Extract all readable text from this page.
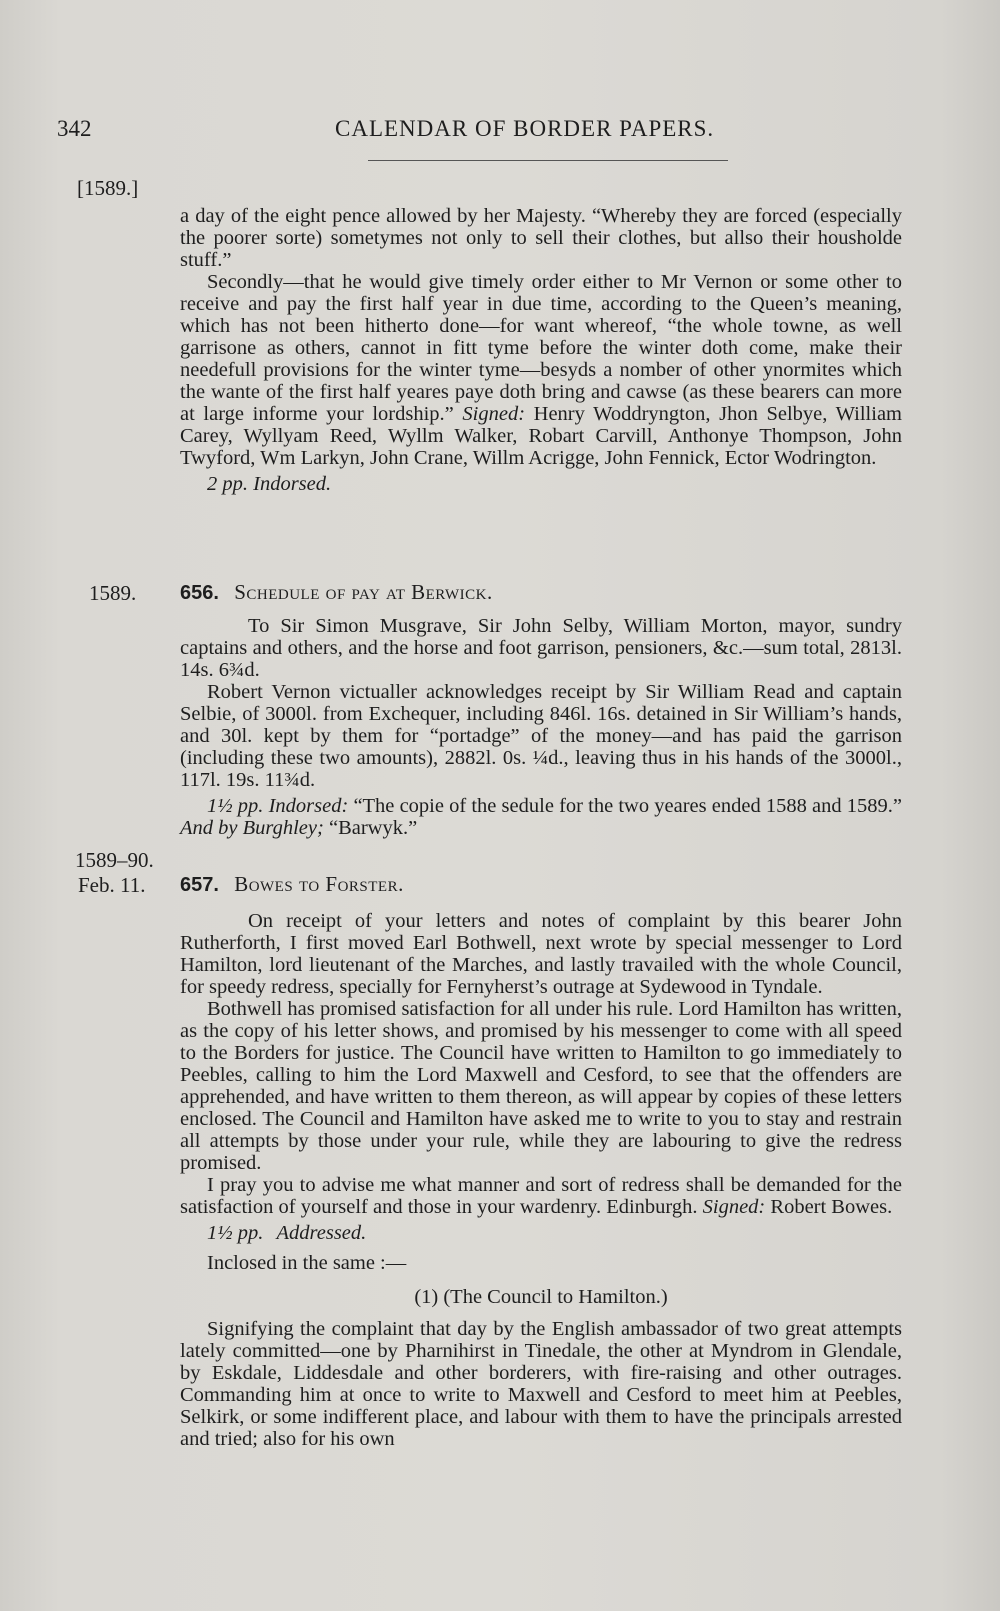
342	CALENDAR OF BORDER PAPERS.
[1589.]
1589.
1589–90.
Feb. 11.

a day of the eight pence allowed by her Majesty. “Whereby they are forced (especially the poorer sorte) sometymes not only to sell their clothes, but allso their housholde stuff.”

Secondly—that he would give timely order either to Mr Vernon or some other to receive and pay the first half year in due time, according to the Queen’s meaning, which has not been hitherto done—for want whereof, “the whole towne, as well garrisone as others, cannot in fitt tyme before the winter doth come, make their needefull provisions for the winter tyme—besyds a nomber of other ynormites which the wante of the first half yeares paye doth bring and cawse (as these bearers can more at large informe your lordship.” Signed: Henry Woddryngton, Jhon Selbye, William Carey, Wyllyam Reed, Wyllm Walker, Robart Carvill, Anthonye Thompson, John Twyford, Wm Larkyn, John Crane, Willm Acrigge, John Fennick, Ector Wodrington.

2 pp. Indorsed.

656. Schedule of pay at Berwick.

To Sir Simon Musgrave, Sir John Selby, William Morton, mayor, sundry captains and others, and the horse and foot garrison, pensioners, &c.—sum total, 2813l. 14s. 6¾d.

Robert Vernon victualler acknowledges receipt by Sir William Read and captain Selbie, of 3000l. from Exchequer, including 846l. 16s. detained in Sir William’s hands, and 30l. kept by them for “portadge” of the money—and has paid the garrison (including these two amounts), 2882l. 0s. ¼d., leaving thus in his hands of the 3000l., 117l. 19s. 11¾d.

1½ pp. Indorsed: “The copie of the sedule for the two yeares ended 1588 and 1589.” And by Burghley; “Barwyk.”

657. Bowes to Forster.

On receipt of your letters and notes of complaint by this bearer John Rutherforth, I first moved Earl Bothwell, next wrote by special messenger to Lord Hamilton, lord lieutenant of the Marches, and lastly travailed with the whole Council, for speedy redress, specially for Fernyherst’s outrage at Sydewood in Tyndale.

Bothwell has promised satisfaction for all under his rule. Lord Hamilton has written, as the copy of his letter shows, and promised by his messenger to come with all speed to the Borders for justice. The Council have written to Hamilton to go immediately to Peebles, calling to him the Lord Maxwell and Cesford, to see that the offenders are apprehended, and have written to them thereon, as will appear by copies of these letters enclosed. The Council and Hamilton have asked me to write to you to stay and restrain all attempts by those under your rule, while they are labouring to give the redress promised.

I pray you to advise me what manner and sort of redress shall be demanded for the satisfaction of yourself and those in your wardenry. Edinburgh. Signed: Robert Bowes.

1½ pp. Addressed.

Inclosed in the same :—

(1) (The Council to Hamilton.)

Signifying the complaint that day by the English ambassador of two great attempts lately committed—one by Pharnihirst in Tinedale, the other at Myndrom in Glendale, by Eskdale, Liddesdale and other borderers, with fire-raising and other outrages. Commanding him at once to write to Maxwell and Cesford to meet him at Peebles, Selkirk, or some indifferent place, and labour with them to have the principals arrested and tried; also for his own
